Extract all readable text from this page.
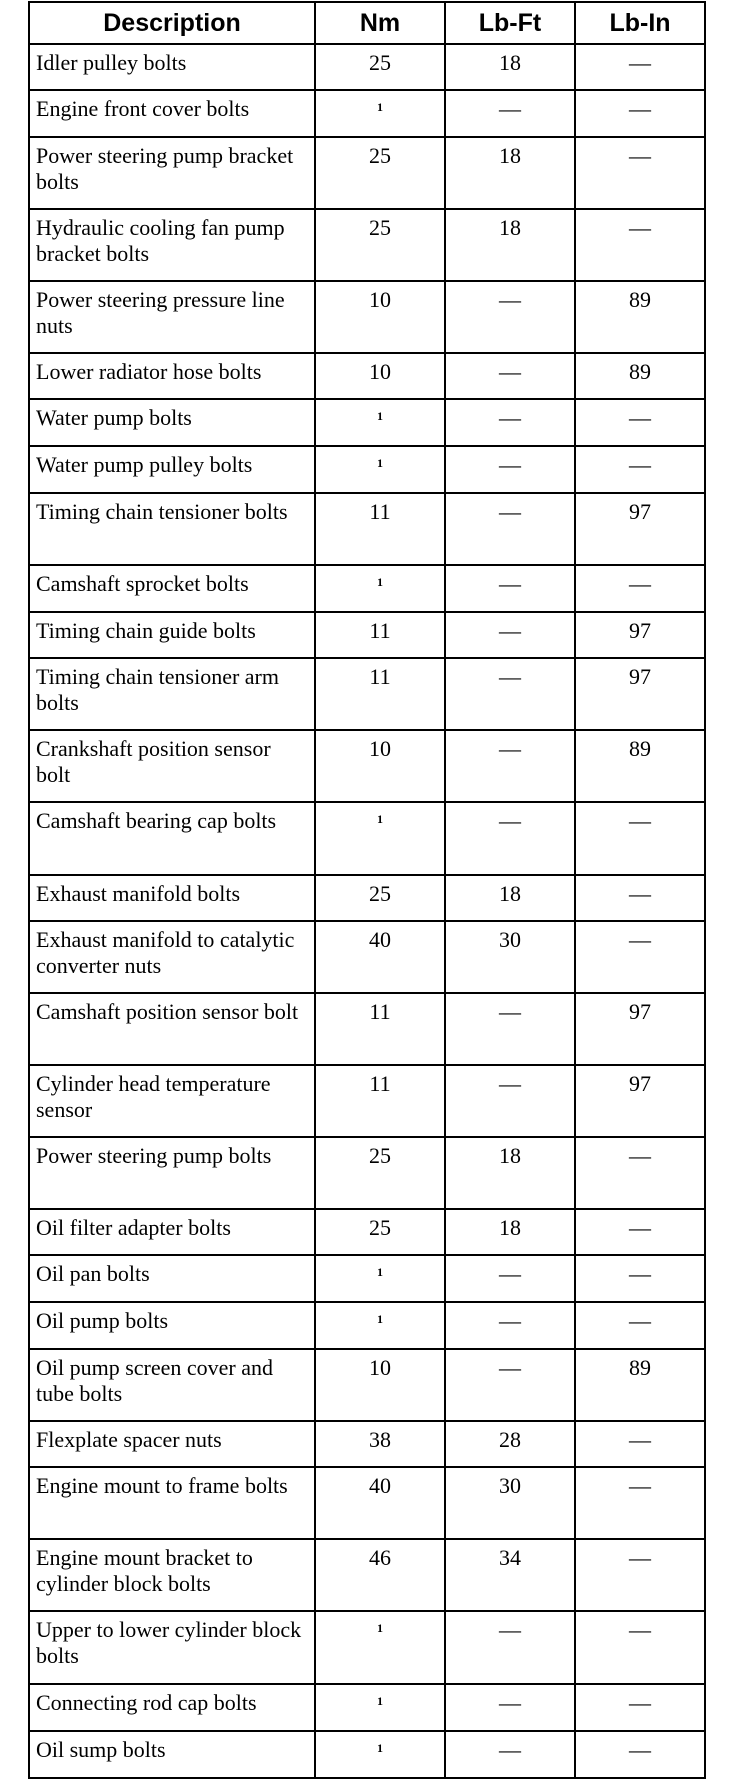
Description	Nm	Lb-Ft	Lb-In
Idler pulley bolts	25	18	—
Engine front cover bolts	1	—	—
Power steering pump bracket bolts	25	18	—
Hydraulic cooling fan pump bracket bolts	25	18	—
Power steering pressure line nuts	10	—	89
Lower radiator hose bolts	10	—	89
Water pump bolts	1	—	—
Water pump pulley bolts	1	—	—
Timing chain tensioner bolts	11	—	97
Camshaft sprocket bolts	1	—	—
Timing chain guide bolts	11	—	97
Timing chain tensioner arm bolts	11	—	97
Crankshaft position sensor bolt	10	—	89
Camshaft bearing cap bolts	1	—	—
Exhaust manifold bolts	25	18	—
Exhaust manifold to catalytic converter nuts	40	30	—
Camshaft position sensor bolt	11	—	97
Cylinder head temperature sensor	11	—	97
Power steering pump bolts	25	18	—
Oil filter adapter bolts	25	18	—
Oil pan bolts	1	—	—
Oil pump bolts	1	—	—
Oil pump screen cover and tube bolts	10	—	89
Flexplate spacer nuts	38	28	—
Engine mount to frame bolts	40	30	—
Engine mount bracket to cylinder block bolts	46	34	—
Upper to lower cylinder block bolts	1	—	—
Connecting rod cap bolts	1	—	—
Oil sump bolts	1	—	—
